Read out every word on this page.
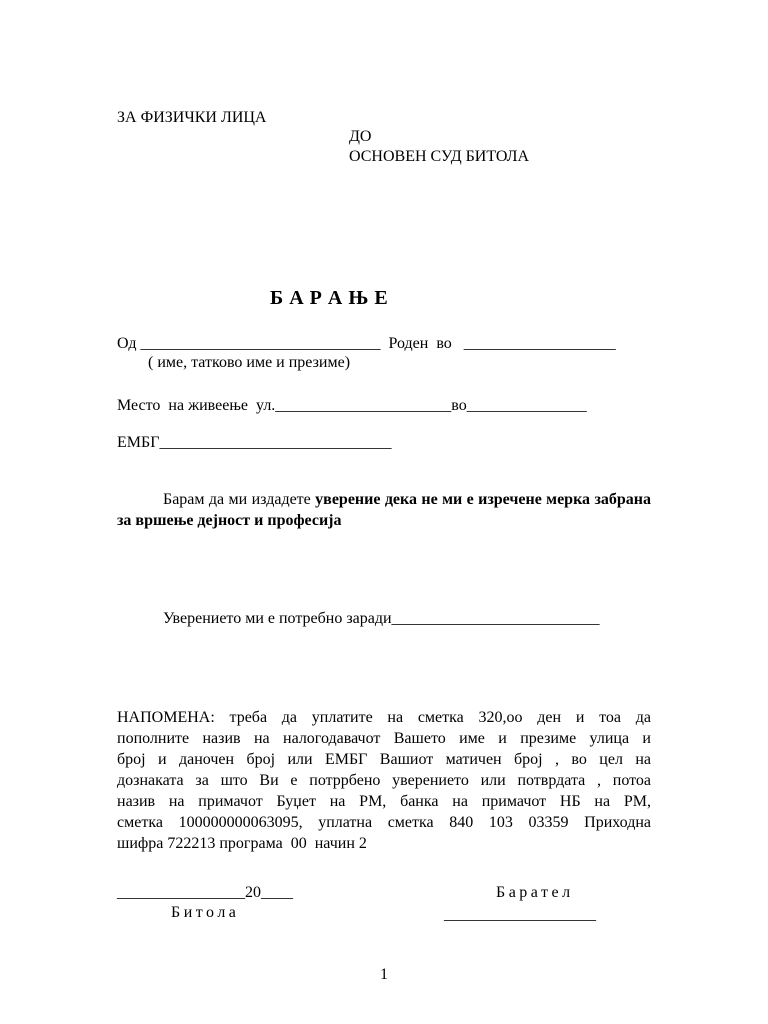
ЗА ФИЗИЧКИ ЛИЦА
ДО
ОСНОВЕН СУД БИТОЛА
Б А Р А Њ Е
Од ______________________________  Роден  во   ___________________
( име, татково име и презиме)
Место  на живеење  ул.______________________во_______________
ЕМБГ_____________________________
Барам да ми издадете уверение дека не ми е изречене мерка забрана за вршење дејност и професија
Уверението ми е потребно заради__________________________
НАПОМЕНА: треба да уплатите на сметка 320,оо ден и тоа да
пополните назив на налогодавачот Вашето име и презиме улица и
број и даночен број или ЕМБГ Вашиот матичен број , во цел на
дознаката за што Ви е потррбено уверението или потврдата , потоа
назив на примачот Буџет на РМ, банка на примачот НБ на РМ,
сметка 100000000063095, уплатна сметка 840 103 03359 Приходна
шифра 722213 програма  00  начин 2
________________20____
Битола
Барател
___________________
1
